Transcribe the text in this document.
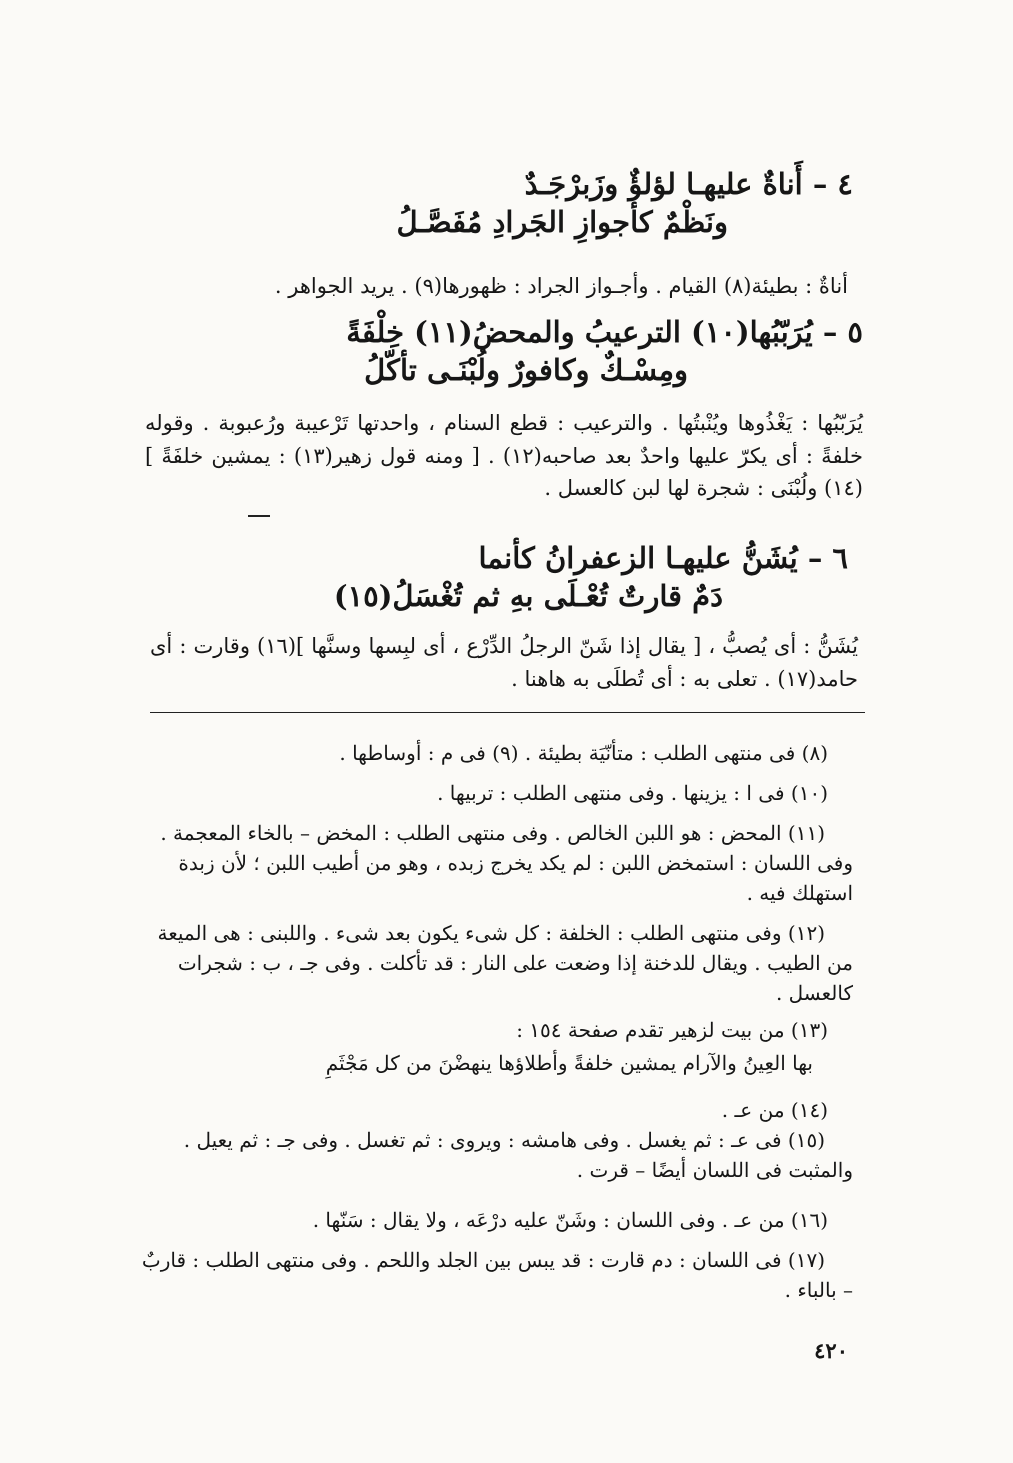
٤ – أَناةٌ عليهـا لؤلؤٌ وزَبرْجَـدٌ
ونَظْمٌ كأجوازِ الجَرادِ مُفَصَّـلُ
أناةٌ : بطيئة(٨) القيام . وأجـواز الجراد : ظهورها(٩) . يريد الجواهر .
٥ – يُرَبّبُها(١٠) الترعيبُ والمحضُ(١١) خِلْفَةً
ومِسْـكٌ وكافورٌ ولُبْنَـى تأكّلُ
يُرَبّبُها : يَغْذُوها ويُنْبتُها . والترعيب : قطع السنام ، واحدتها تَرْعيبة ورُعبوبة . وقوله خلفةً : أى يكرّ عليها واحدٌ بعد صاحبه(١٢) . [ ومنه قول زهير(١٣) : يمشين خلفَةً ](١٤) ولُبْنَى : شجرة لها لبن كالعسل .
٦ – يُشَنُّ عليهـا الزعفرانُ كأنما
دَمٌ قارتٌ تُعْـلَى بهِ ثم تُغْسَلُ(١٥)
يُشَنُّ : أى يُصبُّ ، [ يقال إذا شَنّ الرجلُ الدِّرْع ، أى لبِسها وسنَّها ](١٦) وقارت : أى حامد(١٧) . تعلى به : أى تُطلَى به هاهنا .
(٨) فى منتهى الطلب : متأنّيَة بطيئة . (٩) فى م : أوساطها .
(١٠) فى ا : يزينها . وفى منتهى الطلب : تربيها .
(١١) المحض : هو اللبن الخالص . وفى منتهى الطلب : المخض – بالخاء المعجمة . وفى اللسان : استمخض اللبن : لم يكد يخرج زبده ، وهو من أطيب اللبن ؛ لأن زبدة استهلك فيه .
(١٢) وفى منتهى الطلب : الخلفة : كل شىء يكون بعد شىء . واللبنى : هى الميعة من الطيب . ويقال للدخنة إذا وضعت على النار : قد تأكلت . وفى جـ ، ب : شجرات كالعسل .
(١٣) من بيت لزهير تقدم صفحة ١٥٤ :
بها العِينُ والآرام يمشين خلفةً وأطلاؤها ينهضْنَ من كل مَجْثَمِ
(١٤) من عـ .
(١٥) فى عـ : ثم يغسل . وفى هامشه : ويروى : ثم تغسل . وفى جـ : ثم يعيل . والمثبت فى اللسان أيضًا – قرت .
(١٦) من عـ . وفى اللسان : وشَنّ عليه درْعَه ، ولا يقال : سَنّها .
(١٧) فى اللسان : دم قارت : قد يبس بين الجلد واللحم . وفى منتهى الطلب : قاربٌ – بالباء .
٤٢٠
